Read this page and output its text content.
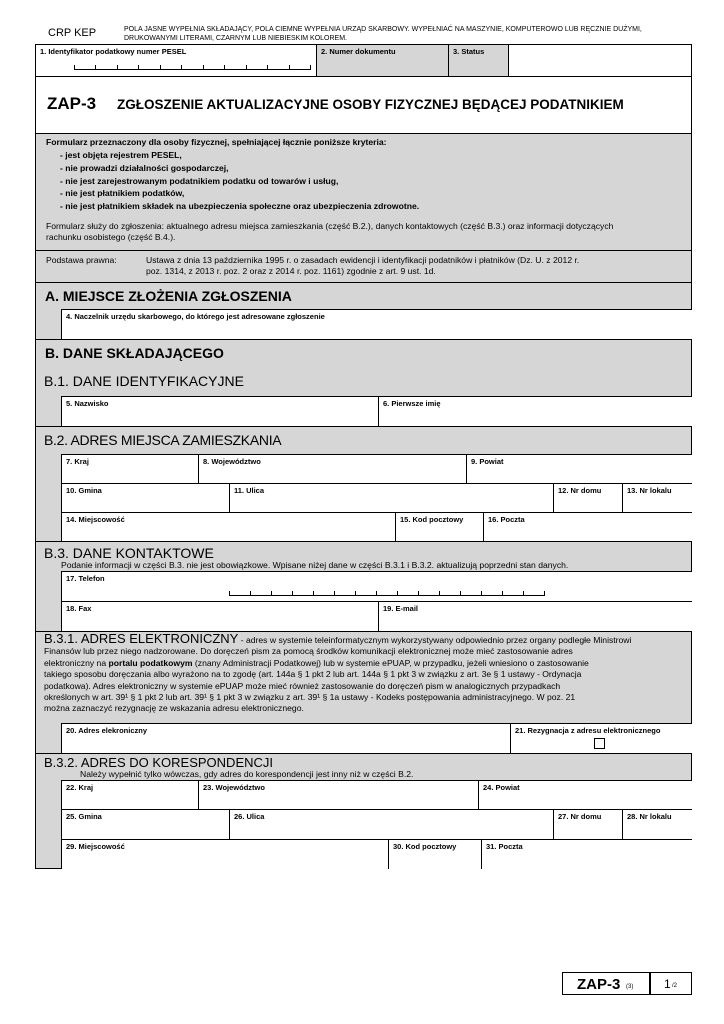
CRP KEP	POLA JASNE WYPEŁNIA SKŁADAJĄCY, POLA CIEMNE WYPEŁNIA URZĄD SKARBOWY. WYPEŁNIAĆ NA MASZYNIE, KOMPUTEROWO LUB RĘCZNIE DUŻYMI,
DRUKOWANYMI LITERAMI, CZARNYM LUB NIEBIESKIM KOLOREM.
1. Identyfikator podatkowy numer PESEL	2. Numer dokumentu	3. Status
ZAP-3 ZGŁOSZENIE AKTUALIZACYJNE OSOBY FIZYCZNEJ BĘDĄCEJ PODATNIKIEM
Formularz przeznaczony dla osoby fizycznej, spełniającej łącznie poniższe kryteria:
- jest objęta rejestrem PESEL,
- nie prowadzi działalności gospodarczej,
- nie jest zarejestrowanym podatnikiem podatku od towarów i usług,
- nie jest płatnikiem podatków,
- nie jest płatnikiem składek na ubezpieczenia społeczne oraz ubezpieczenia zdrowotne.
Formularz służy do zgłoszenia: aktualnego adresu miejsca zamieszkania (część B.2.), danych kontaktowych (część B.3.) oraz informacji dotyczących
rachunku osobistego (część B.4.).
Podstawa prawna:	Ustawa z dnia 13 października 1995 r. o zasadach ewidencji i identyfikacji podatników i płatników (Dz. U. z 2012 r.
poz. 1314, z 2013 r. poz. 2 oraz z 2014 r. poz. 1161) zgodnie z art. 9 ust. 1d.
A. MIEJSCE ZŁOŻENIA ZGŁOSZENIA
4. Naczelnik urzędu skarbowego, do którego jest adresowane zgłoszenie
B. DANE SKŁADAJĄCEGO
B.1. DANE IDENTYFIKACYJNE
5. Nazwisko	6. Pierwsze imię
B.2. ADRES MIEJSCA ZAMIESZKANIA
7. Kraj	8. Województwo	9. Powiat
10. Gmina	11. Ulica	12. Nr domu	13. Nr lokalu
14. Miejscowość	15. Kod pocztowy	16. Poczta
B.3. DANE KONTAKTOWE
Podanie informacji w części B.3. nie jest obowiązkowe. Wpisane niżej dane w części B.3.1 i B.3.2. aktualizują poprzedni stan danych.
17. Telefon
18. Fax	19. E-mail
B.3.1. ADRES ELEKTRONICZNY - adres w systemie teleinformatycznym wykorzystywany odpowiednio przez organy podległe Ministrowi
Finansów lub przez niego nadzorowane. Do doręczeń pism za pomocą środków komunikacji elektronicznej może mieć zastosowanie adres
elektroniczny na portalu podatkowym (znany Administracji Podatkowej) lub w systemie ePUAP, w przypadku, jeżeli wniesiono o zastosowanie
takiego sposobu doręczania albo wyrażono na to zgodę (art. 144a § 1 pkt 2 lub art. 144a § 1 pkt 3 w związku z art. 3e § 1 ustawy - Ordynacja
podatkowa). Adres elektroniczny w systemie ePUAP może mieć również zastosowanie do doręczeń pism w analogicznych przypadkach
określonych w art. 39¹ § 1 pkt 2 lub art. 39¹ § 1 pkt 3 w związku z art. 39¹ § 1a ustawy - Kodeks postępowania administracyjnego. W poz. 21
można zaznaczyć rezygnację ze wskazania adresu elektronicznego.
20. Adres elekroniczny	21. Rezygnacja z adresu elektronicznego
B.3.2. ADRES DO KORESPONDENCJI
Należy wypełnić tylko wówczas, gdy adres do korespondencji jest inny niż w części B.2.
22. Kraj	23. Województwo	24. Powiat
25. Gmina	26. Ulica	27. Nr domu	28. Nr lokalu
29. Miejscowość	30. Kod pocztowy	31. Poczta
ZAP-3 (3)	1 /2
